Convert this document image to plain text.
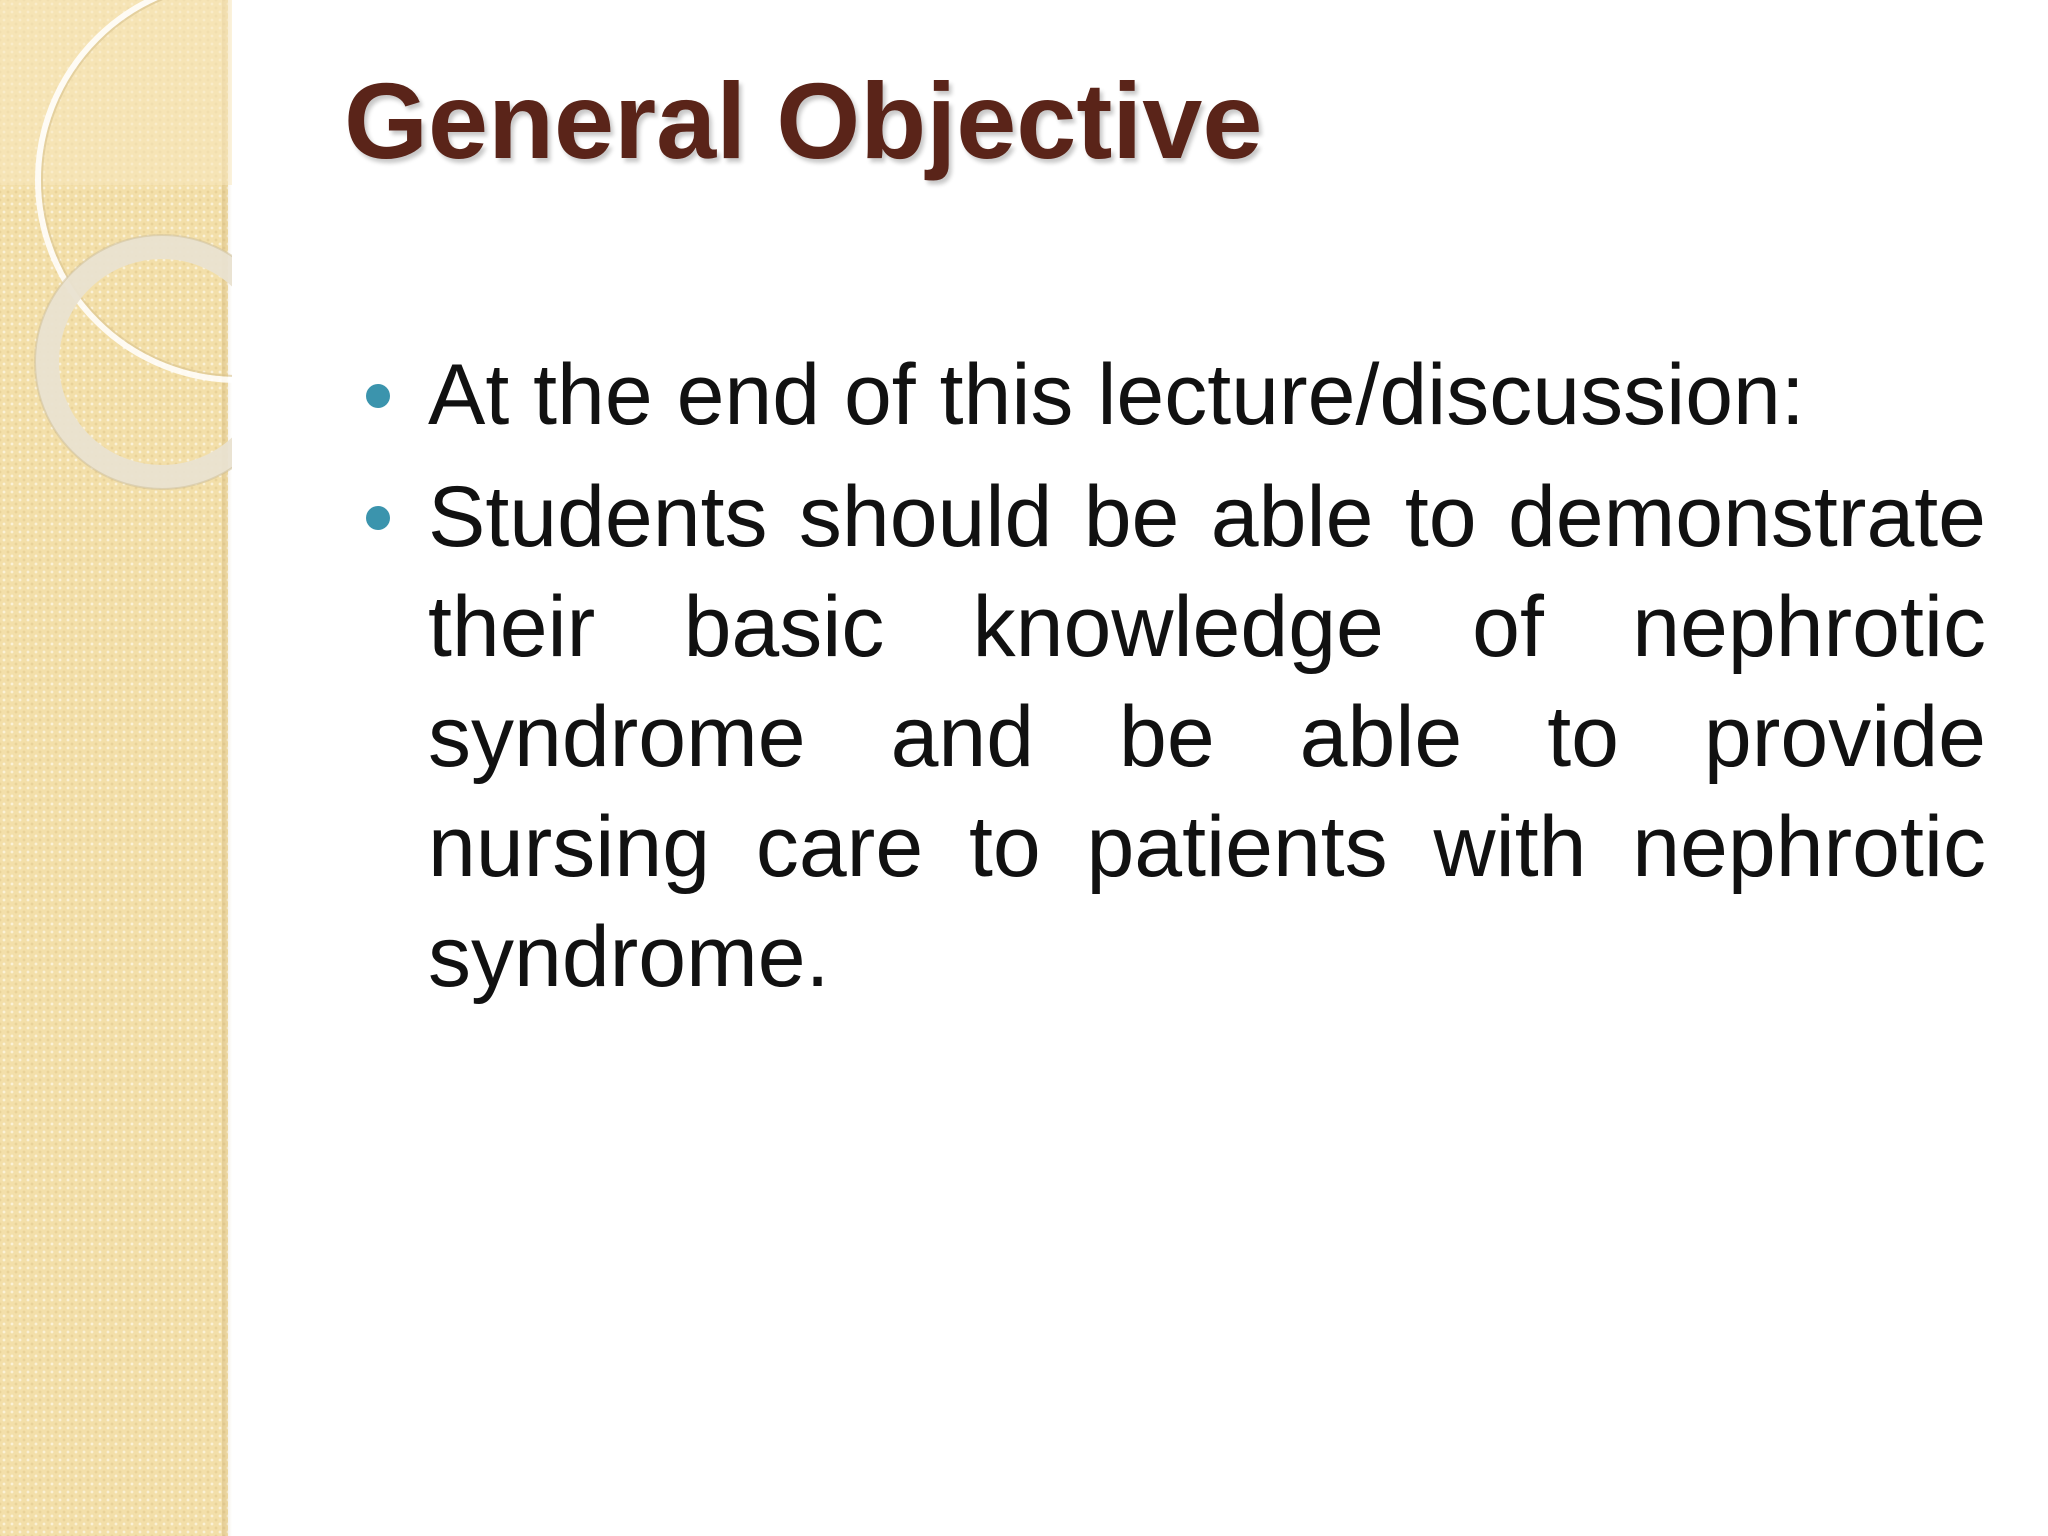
General Objective
At the end of this lecture/discussion:
Students should be able to demonstrate their basic knowledge of nephrotic syndrome and be able to provide nursing care to patients with nephrotic syndrome.
